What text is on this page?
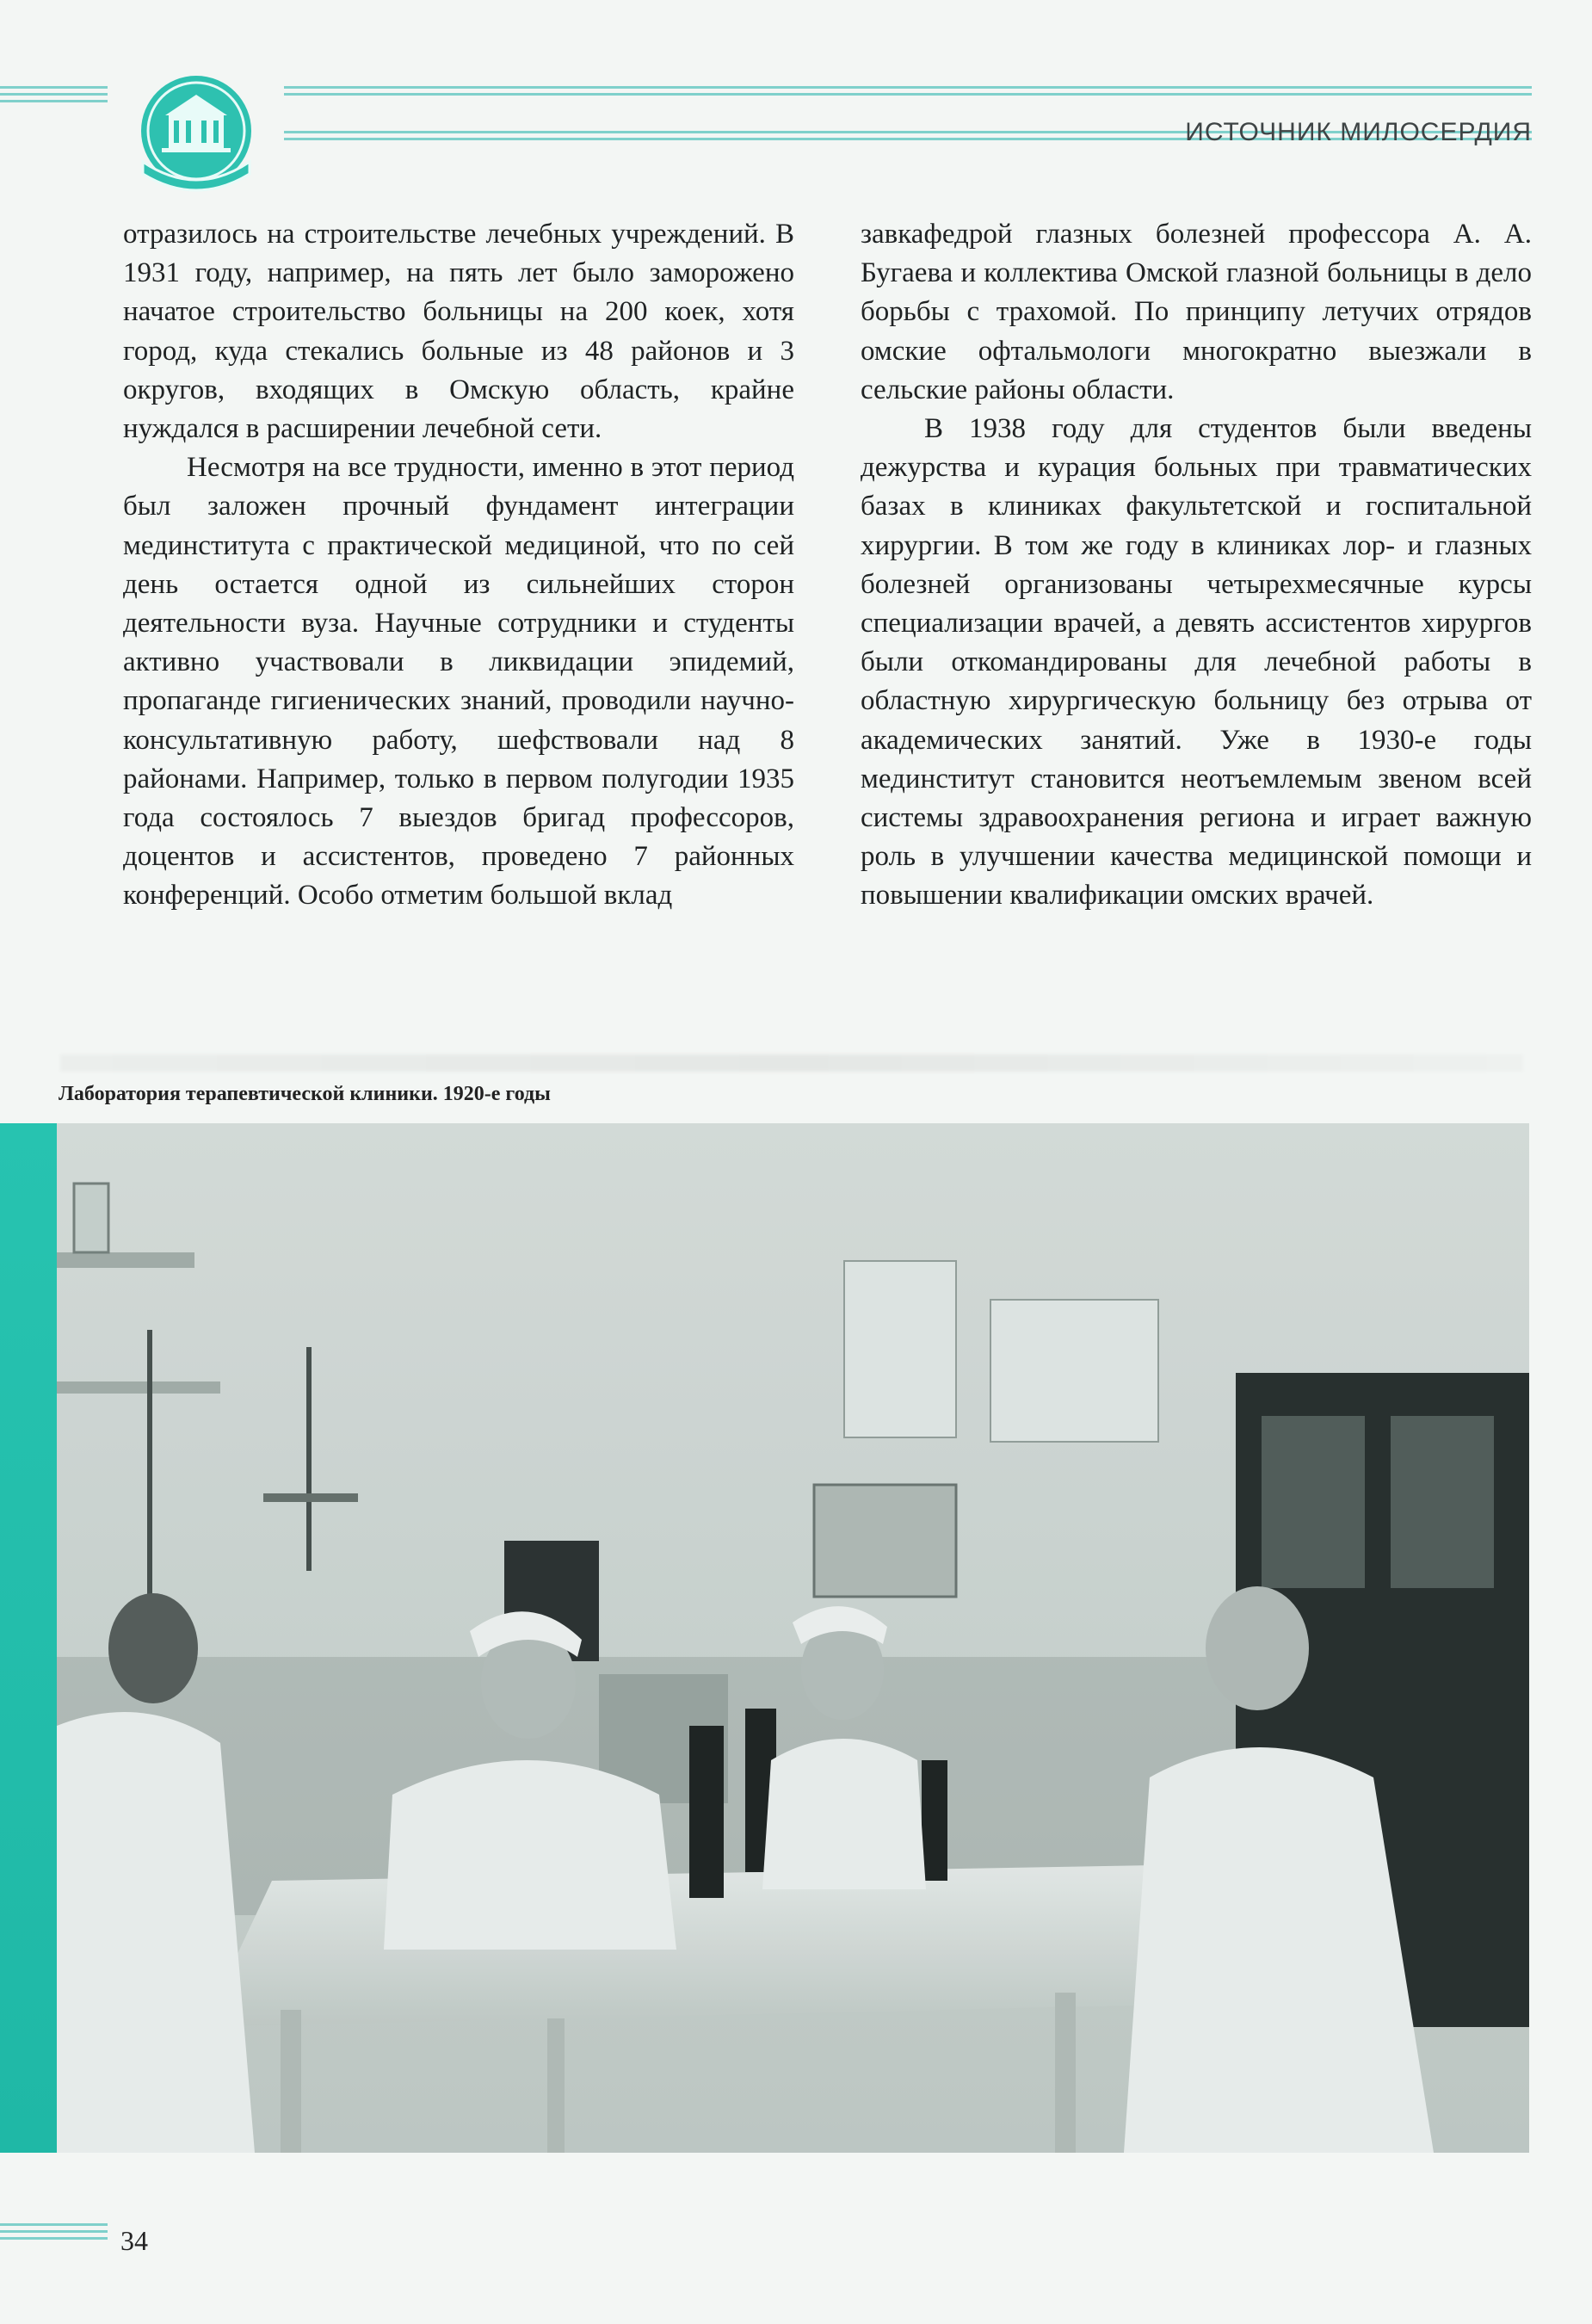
ИСТОЧНИК МИЛОСЕРДИЯ

отразилось на строительстве лечебных учреждений. В 1931 году, например, на пять лет было заморожено начатое строительство больницы на 200 коек, хотя город, куда стекались больные из 48 районов и 3 округов, входящих в Омскую область, крайне нуждался в расширении лечебной сети.

Несмотря на все трудности, именно в этот период был заложен прочный фундамент интеграции мединститута с практической медициной, что по сей день остается одной из сильнейших сторон деятельности вуза. Научные сотрудники и студенты активно участвовали в ликвидации эпидемий, пропаганде гигиенических знаний, проводили научно-консультативную работу, шефствовали над 8 районами. Например, только в первом полугодии 1935 года состоялось 7 выездов бригад профессоров, доцентов и ассистентов, проведено 7 районных конференций. Особо отметим большой вклад

завкафедрой глазных болезней профессора А. А. Бугаева и коллектива Омской глазной больницы в дело борьбы с трахомой. По принципу летучих отрядов омские офтальмологи многократно выезжали в сельские районы области.

В 1938 году для студентов были введены дежурства и курация больных при травматических базах в клиниках факультетской и госпитальной хирургии. В том же году в клиниках лор- и глазных болезней организованы четырехмесячные курсы специализации врачей, а девять ассистентов хирургов были откомандированы для лечебной работы в областную хирургическую больницу без отрыва от академических занятий. Уже в 1930-е годы мединститут становится неотъемлемым звеном всей системы здравоохранения региона и играет важную роль в улучшении качества медицинской помощи и повышении квалификации омских врачей.

Лаборатория терапевтической клиники. 1920-е годы
34
